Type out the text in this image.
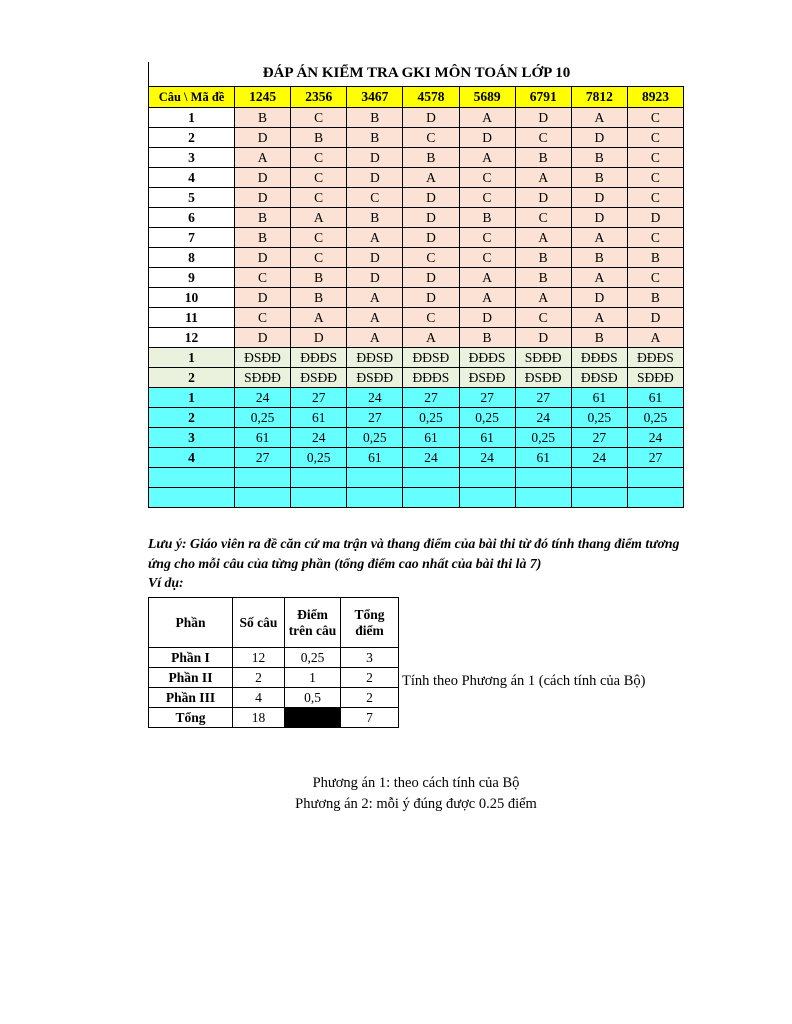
ĐÁP ÁN KIỂM TRA GKI MÔN TOÁN LỚP 10
Câu \ Mã đề	1245	2356	3467	4578	5689	6791	7812	8923
1	B	C	B	D	A	D	A	C
2	D	B	B	C	D	C	D	C
3	A	C	D	B	A	B	B	C
4	D	C	D	A	C	A	B	C
5	D	C	C	D	C	D	D	C
6	B	A	B	D	B	C	D	D
7	B	C	A	D	C	A	A	C
8	D	C	D	C	C	B	B	B
9	C	B	D	D	A	B	A	C
10	D	B	A	D	A	A	D	B
11	C	A	A	C	D	C	A	D
12	D	D	A	A	B	D	B	A
1	ĐSĐĐ	ĐĐĐS	ĐĐSĐ	ĐĐSĐ	ĐĐĐS	SĐĐĐ	ĐĐĐS	ĐĐĐS
2	SĐĐĐ	ĐSĐĐ	ĐSĐĐ	ĐĐĐS	ĐSĐĐ	ĐSĐĐ	ĐĐSĐ	SĐĐĐ
1	24	27	24	27	27	27	61	61
2	0,25	61	27	0,25	0,25	24	0,25	0,25
3	61	24	0,25	61	61	0,25	27	24
4	27	0,25	61	24	24	61	24	27

Lưu ý: Giáo viên ra đề căn cứ ma trận và thang điểm của bài thi từ đó tính thang điểm tương ứng cho mỗi câu của từng phần (tổng điểm cao nhất của bài thi là 7)

Ví dụ:

Phần	Số câu	Điểm trên câu	Tổng điểm
Phần I	12	0,25	3
Phần II	2	1	2
Phần III	4	0,5	2
Tổng	18		7
Tính theo Phương án 1 (cách tính của Bộ)
Phương án 1: theo cách tính của Bộ
Phương án 2: mỗi ý đúng được 0.25 điểm
